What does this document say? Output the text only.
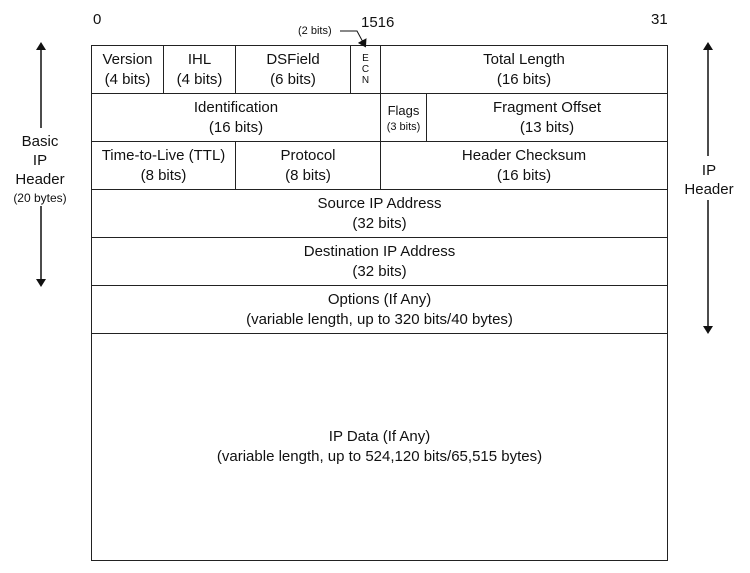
0	1516	31
(2 bits)
Version
(4 bits)
IHL
(4 bits)
DSField
(6 bits)
E
C
N
Total Length
(16 bits)
Identification
(16 bits)
Flags
(3 bits)
Fragment Offset
(13 bits)
Time-to-Live (TTL)
(8 bits)
Protocol
(8 bits)
Header Checksum
(16 bits)
Source IP Address
(32 bits)
Destination IP Address
(32 bits)
Options (If Any)
(variable length, up to 320 bits/40 bytes)
IP Data (If Any)
(variable length, up to 524,120 bits/65,515 bytes)
Basic
IP
Header
(20 bytes)
IP
Header
